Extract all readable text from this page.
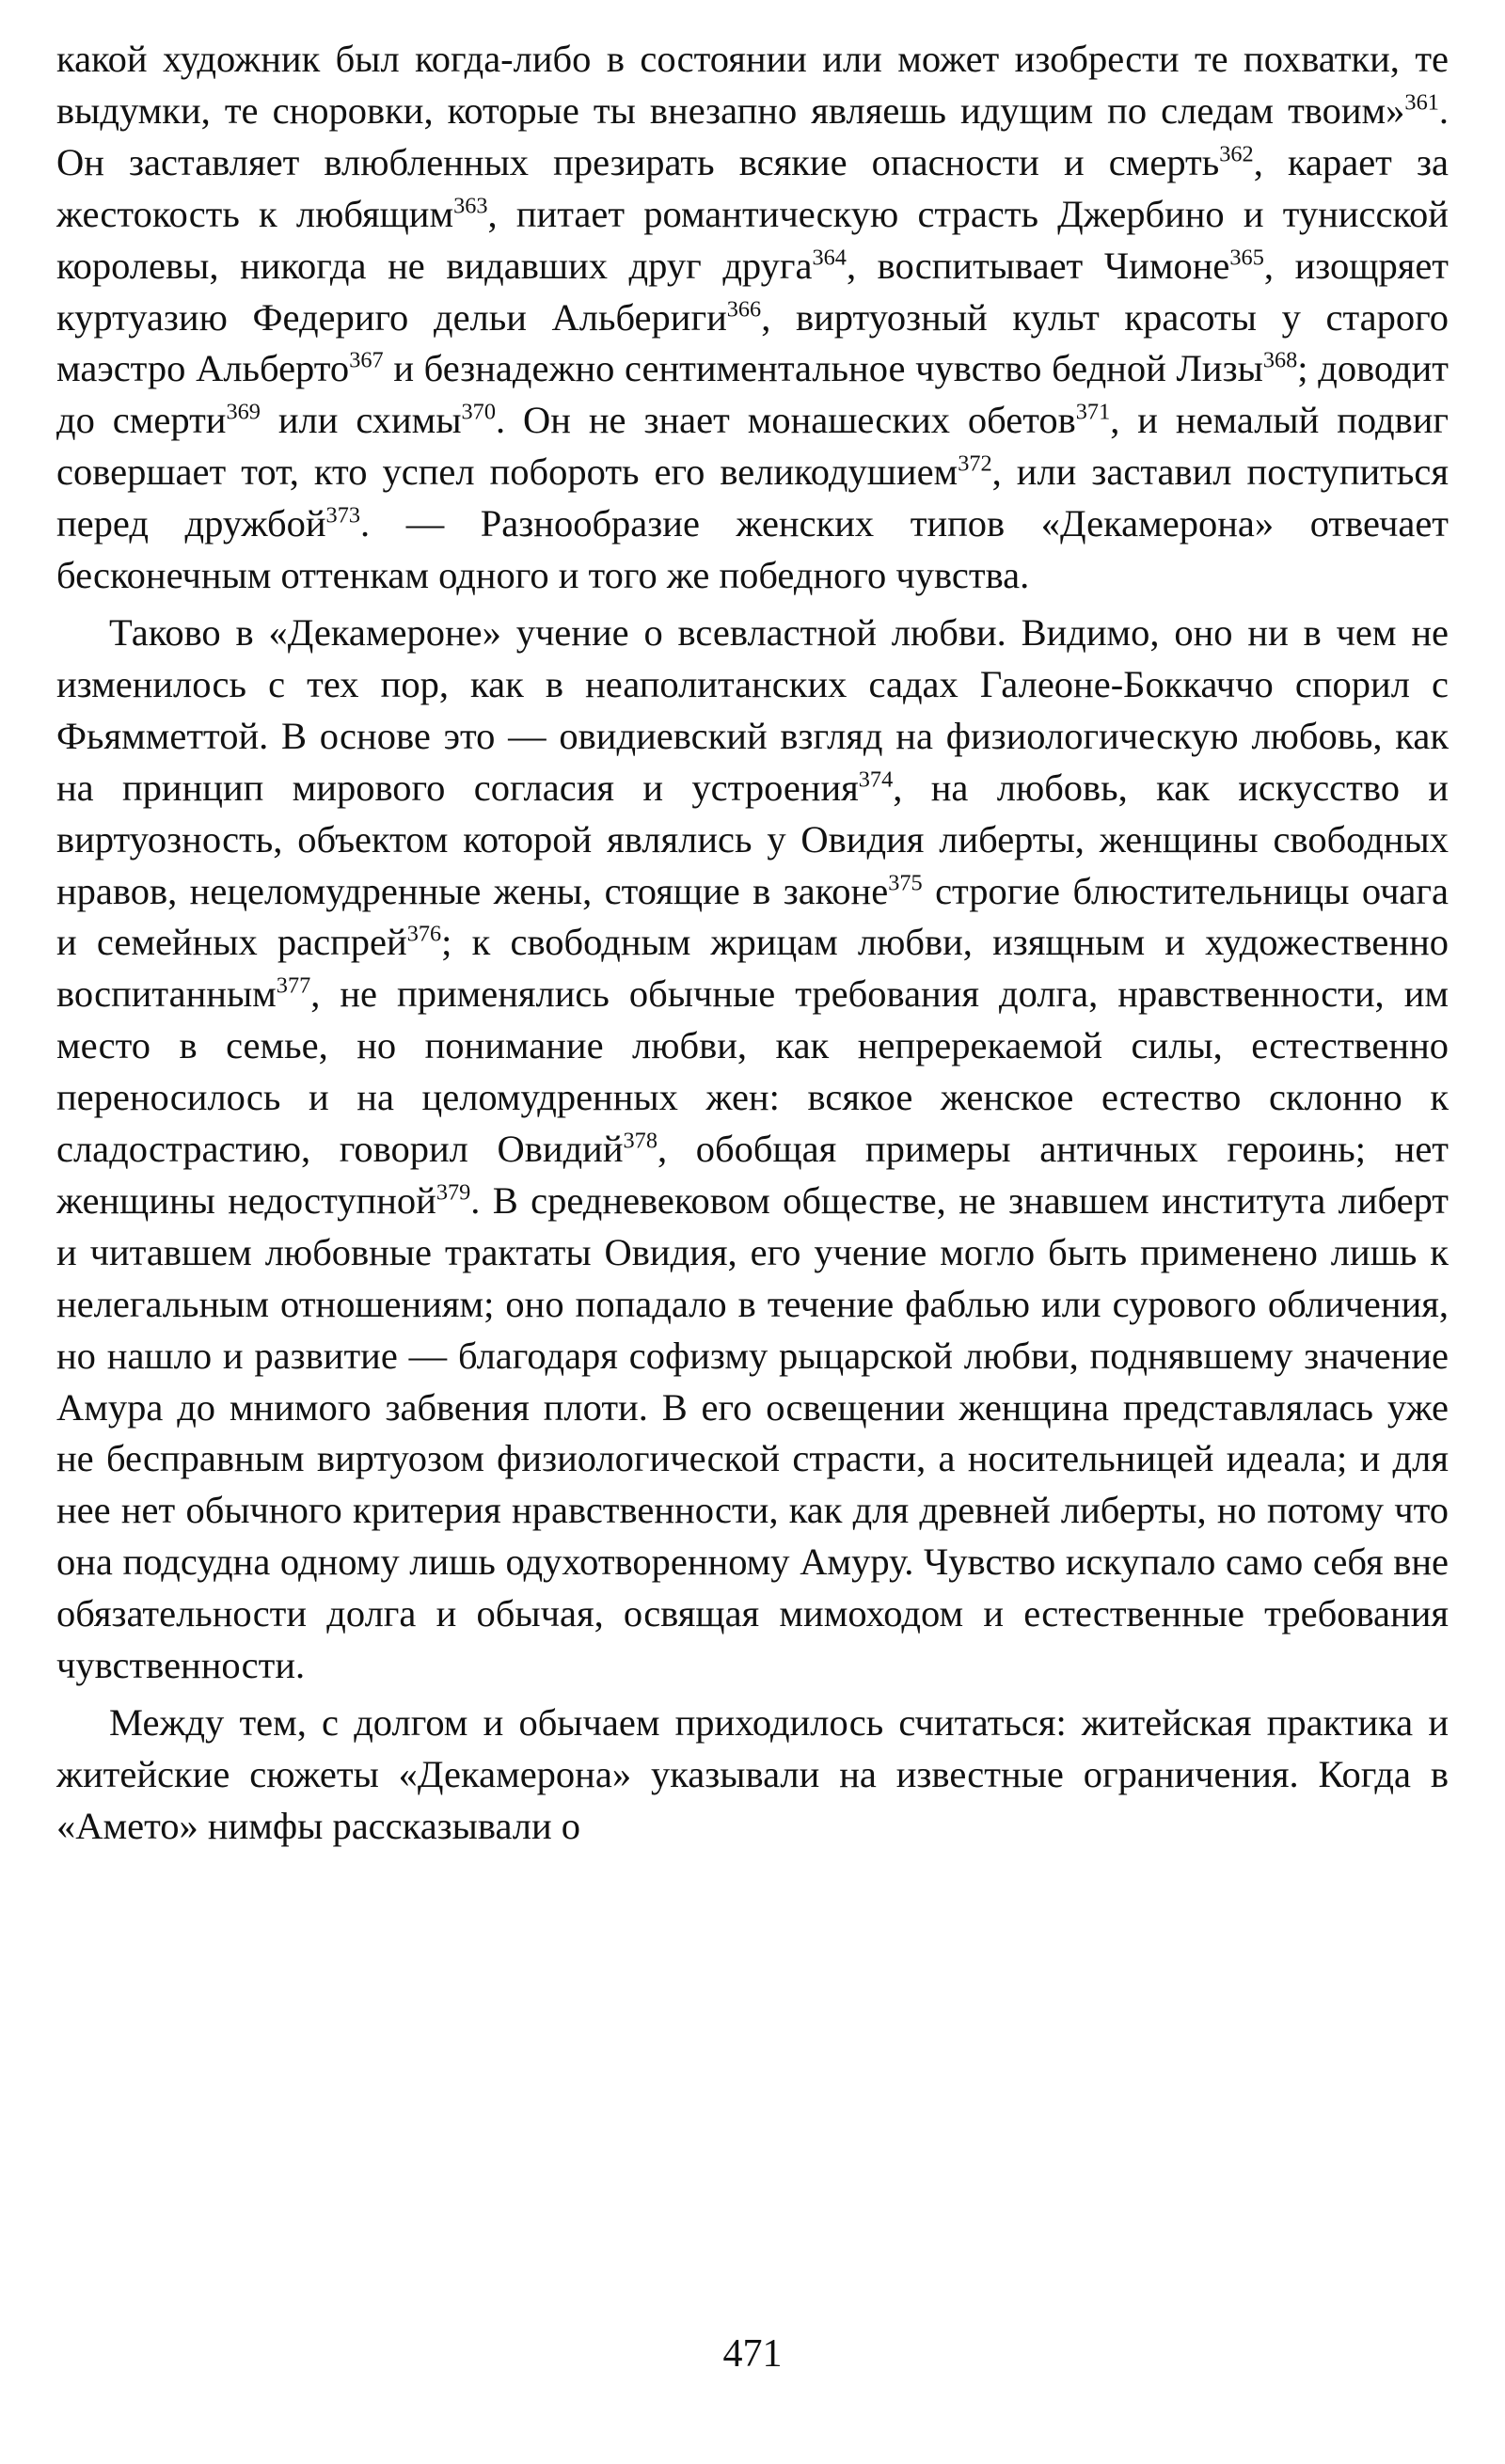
какой художник был когда-либо в состоянии или может изобрести те похватки, те выдумки, те сноровки, которые ты внезапно являешь идущим по следам твоим»$^{361}$. Он заставляет влюбленных презирать всякие опасности и смерть$^{362}$, карает за жестокость к любящим$^{363}$, питает романтическую страсть Джербино и тунисской королевы, никогда не видавших друг друга$^{364}$, воспитывает Чимоне$^{365}$, изощряет куртуазию Федериго дельи Альбериги$^{366}$, виртуозный культ красоты у старого маэстро Альберто$^{367}$ и безнадежно сентиментальное чувство бедной Лизы$^{368}$; доводит до смерти$^{369}$ или схимы$^{370}$. Он не знает монашеских обетов$^{371}$, и немалый подвиг совершает тот, кто успел побороть его великодушием$^{372}$, или заставил поступиться перед дружбой$^{373}$. — Разнообразие женских типов «Декамерона» отвечает бесконечным оттенкам одного и того же победного чувства.

Таково в «Декамероне» учение о всевластной любви. Видимо, оно ни в чем не изменилось с тех пор, как в неаполитанских садах Галеоне-Боккаччо спорил с Фьямметтой. В основе это — овидиевский взгляд на физиологическую любовь, как на принцип мирового согласия и устроения$^{374}$, на любовь, как искусство и виртуозность, объектом которой являлись у Овидия либерты, женщины свободных нравов, нецеломудренные жены, стоящие в законе$^{375}$ строгие блюстительницы очага и семейных распрей$^{376}$; к свободным жрицам любви, изящным и художественно воспитанным$^{377}$, не применялись обычные требования долга, нравственности, им место в семье, но понимание любви, как непререкаемой силы, естественно переносилось и на целомудренных жен: всякое женское естество склонно к сладострастию, говорил Овидий$^{378}$, обобщая примеры античных героинь; нет женщины недоступной$^{379}$. В средневековом обществе, не знавшем института либерт и читавшем любовные трактаты Овидия, его учение могло быть применено лишь к нелегальным отношениям; оно попадало в течение фаблью или сурового обличения, но нашло и развитие — благодаря софизму рыцарской любви, поднявшему значение Амура до мнимого забвения плоти. В его освещении женщина представлялась уже не бесправным виртуозом физиологической страсти, а носительницей идеала; и для нее нет обычного критерия нравственности, как для древней либерты, но потому что она подсудна одному лишь одухотворенному Амуру. Чувство искупало само себя вне обязательности долга и обычая, освящая мимоходом и естественные требования чувственности.

Между тем, с долгом и обычаем приходилось считаться: житейская практика и житейские сюжеты «Декамерона» указывали на известные ограничения. Когда в «Амето» нимфы рассказывали о

471
